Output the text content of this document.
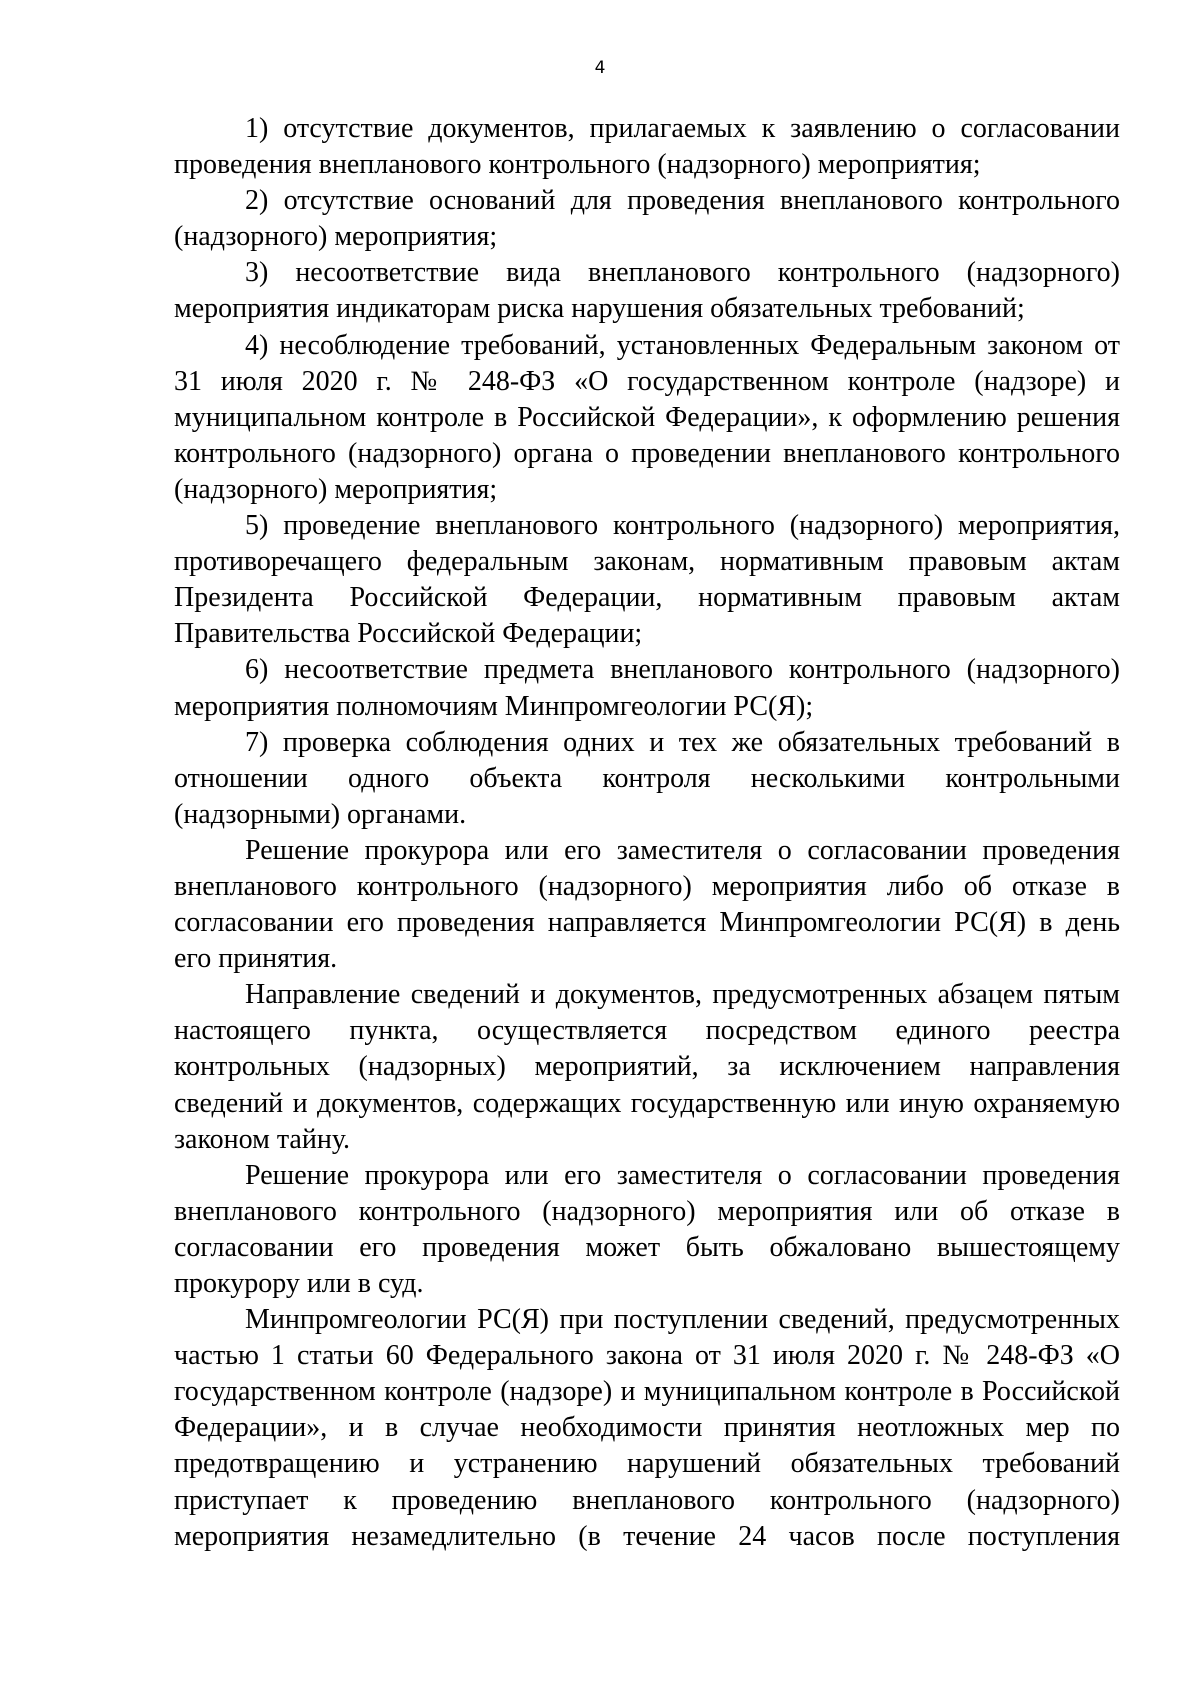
4

1) отсутствие документов, прилагаемых к заявлению о согласовании проведения внепланового контрольного (надзорного) мероприятия;

2) отсутствие оснований для проведения внепланового контрольного (надзорного) мероприятия;

3) несоответствие вида внепланового контрольного (надзорного) мероприятия индикаторам риска нарушения обязательных требований;

4) несоблюдение требований, установленных Федеральным законом от 31 июля 2020 г. № 248-ФЗ «О государственном контроле (надзоре) и муниципальном контроле в Российской Федерации», к оформлению решения контрольного (надзорного) органа о проведении внепланового контрольного (надзорного) мероприятия;

5) проведение внепланового контрольного (надзорного) мероприятия, противоречащего федеральным законам, нормативным правовым актам Президента Российской Федерации, нормативным правовым актам Правительства Российской Федерации;

6) несоответствие предмета внепланового контрольного (надзорного) мероприятия полномочиям Минпромгеологии РС(Я);

7) проверка соблюдения одних и тех же обязательных требований в отношении одного объекта контроля несколькими контрольными (надзорными) органами.

Решение прокурора или его заместителя о согласовании проведения внепланового контрольного (надзорного) мероприятия либо об отказе в согласовании его проведения направляется Минпромгеологии РС(Я) в день его принятия.

Направление сведений и документов, предусмотренных абзацем пятым настоящего пункта, осуществляется посредством единого реестра контрольных (надзорных) мероприятий, за исключением направления сведений и документов, содержащих государственную или иную охраняемую законом тайну.

Решение прокурора или его заместителя о согласовании проведения внепланового контрольного (надзорного) мероприятия или об отказе в согласовании его проведения может быть обжаловано вышестоящему прокурору или в суд.

Минпромгеологии РС(Я) при поступлении сведений, предусмотренных частью 1 статьи 60 Федерального закона от 31 июля 2020 г. № 248-ФЗ «О государственном контроле (надзоре) и муниципальном контроле в Российской Федерации», и в случае необходимости принятия неотложных мер по предотвращению и устранению нарушений обязательных требований приступает к проведению внепланового контрольного (надзорного) мероприятия незамедлительно (в течение 24 часов после поступления
